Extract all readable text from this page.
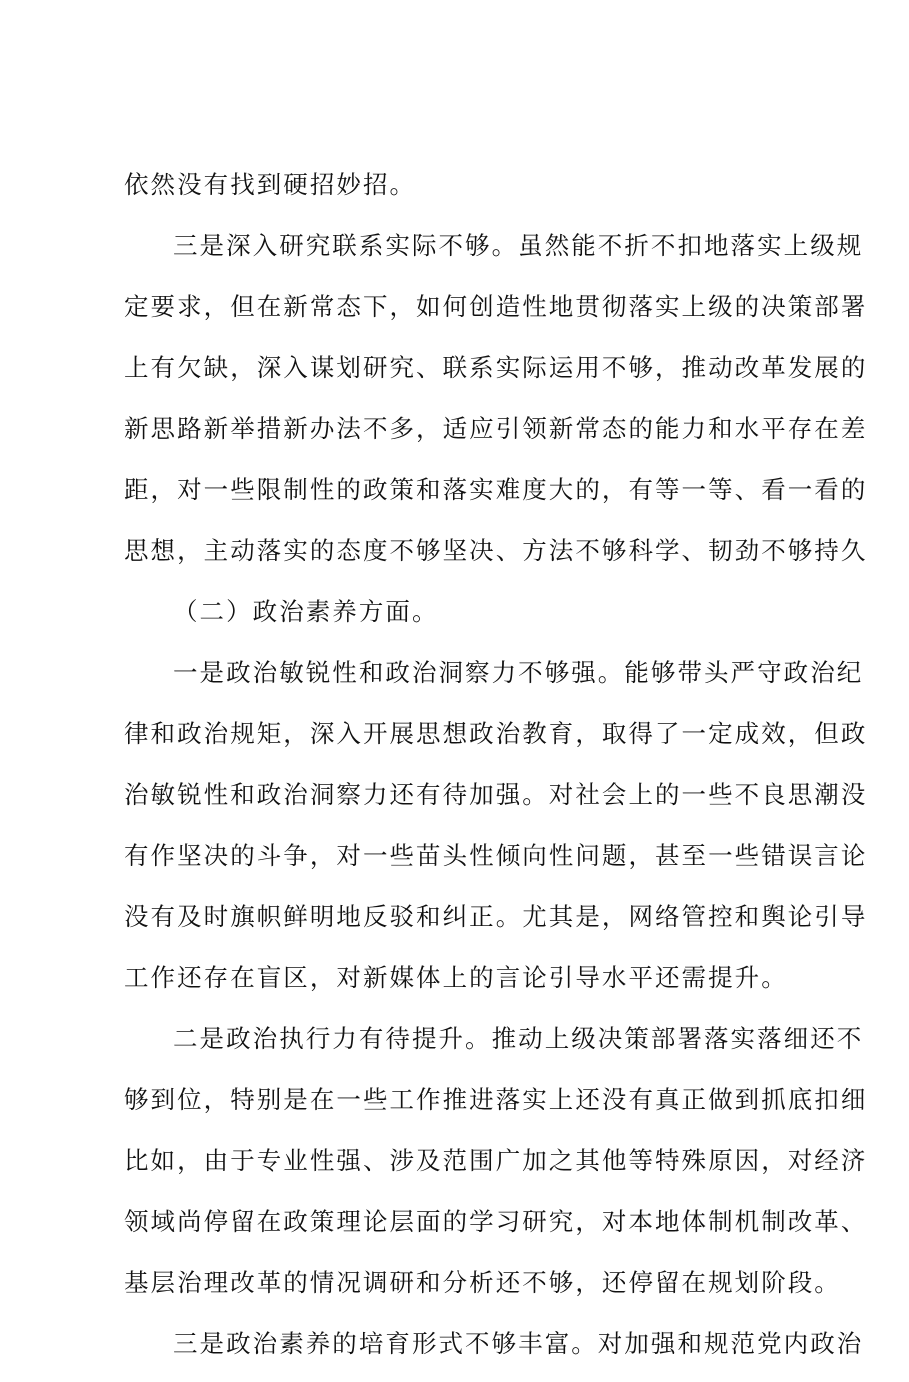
依然没有找到硬招妙招。
三是深入研究联系实际不够。虽然能不折不扣地落实上级规
定要求，但在新常态下，如何创造性地贯彻落实上级的决策部署
上有欠缺，深入谋划研究、联系实际运用不够，推动改革发展的
新思路新举措新办法不多，适应引领新常态的能力和水平存在差
距，对一些限制性的政策和落实难度大的，有等一等、看一看的
思想，主动落实的态度不够坚决、方法不够科学、韧劲不够持久
（二）政治素养方面。
一是政治敏锐性和政治洞察力不够强。能够带头严守政治纪
律和政治规矩，深入开展思想政治教育，取得了一定成效，但政
治敏锐性和政治洞察力还有待加强。对社会上的一些不良思潮没
有作坚决的斗争，对一些苗头性倾向性问题，甚至一些错误言论
没有及时旗帜鲜明地反驳和纠正。尤其是，网络管控和舆论引导
工作还存在盲区，对新媒体上的言论引导水平还需提升。
二是政治执行力有待提升。推动上级决策部署落实落细还不
够到位，特别是在一些工作推进落实上还没有真正做到抓底扣细
比如，由于专业性强、涉及范围广加之其他等特殊原因，对经济
领域尚停留在政策理论层面的学习研究，对本地体制机制改革、
基层治理改革的情况调研和分析还不够，还停留在规划阶段。
三是政治素养的培育形式不够丰富。对加强和规范党内政治
